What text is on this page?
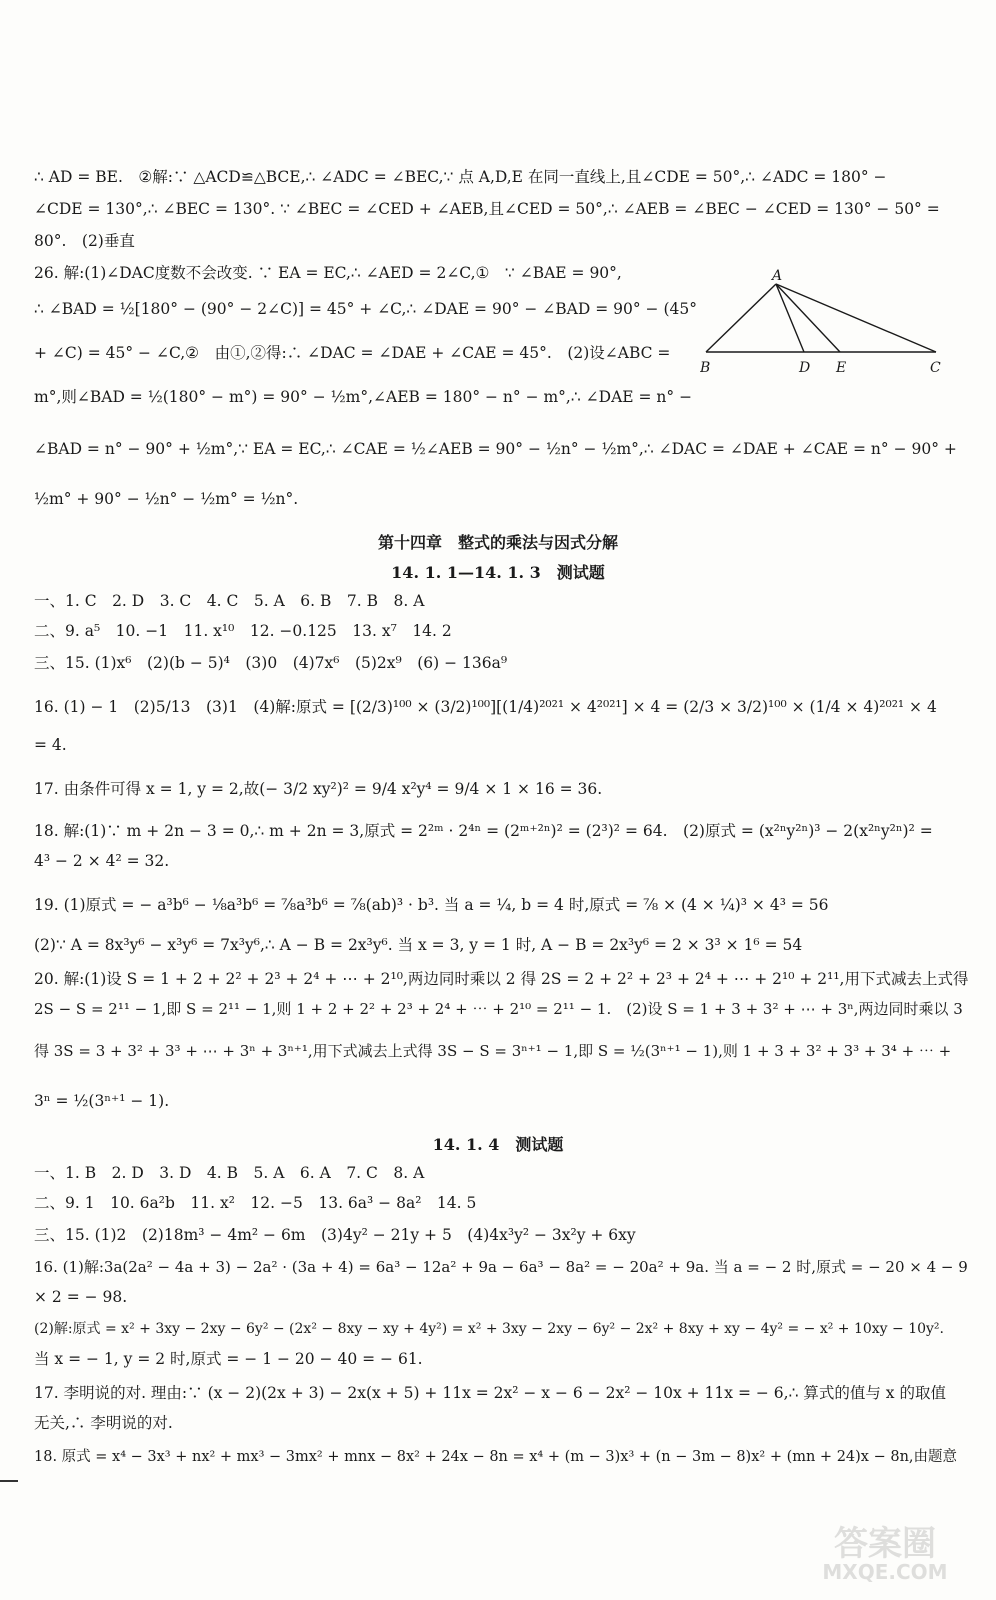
∴ AD = BE.　②解:∵ △ACD≌△BCE,∴ ∠ADC = ∠BEC,∵ 点 A,D,E 在同一直线上,且∠CDE = 50°,∴ ∠ADC = 180° −
∠CDE = 130°,∴ ∠BEC = 130°. ∵ ∠BEC = ∠CED + ∠AEB,且∠CED = 50°,∴ ∠AEB = ∠BEC − ∠CED = 130° − 50° =
80°.　(2)垂直
26. 解:(1)∠DAC度数不会改变. ∵ EA = EC,∴ ∠AED = 2∠C,①　∵ ∠BAE = 90°,
∴ ∠BAD = ½[180° − (90° − 2∠C)] = 45° + ∠C,∴ ∠DAE = 90° − ∠BAD = 90° − (45°
+ ∠C) = 45° − ∠C,②　由①,②得:∴ ∠DAC = ∠DAE + ∠CAE = 45°.　(2)设∠ABC =
m°,则∠BAD = ½(180° − m°) = 90° − ½m°,∠AEB = 180° − n° − m°,∴ ∠DAE = n° −
∠BAD = n° − 90° + ½m°,∵ EA = EC,∴ ∠CAE = ½∠AEB = 90° − ½n° − ½m°,∴ ∠DAC = ∠DAE + ∠CAE = n° − 90° +
½m° + 90° − ½n° − ½m° = ½n°.
第十四章　整式的乘法与因式分解
14. 1. 1—14. 1. 3　测试题
一、1. C　2. D　3. C　4. C　5. A　6. B　7. B　8. A
二、9. a⁵　10. −1　11. x¹⁰　12. −0.125　13. x⁷　14. 2
三、15. (1)x⁶　(2)(b − 5)⁴　(3)0　(4)7x⁶　(5)2x⁹　(6) − 136a⁹
16. (1) − 1　(2)5/13　(3)1　(4)解:原式 = [(2/3)¹⁰⁰ × (3/2)¹⁰⁰][(1/4)²⁰²¹ × 4²⁰²¹] × 4 = (2/3 × 3/2)¹⁰⁰ × (1/4 × 4)²⁰²¹ × 4
= 4.
17. 由条件可得 x = 1, y = 2,故(− 3/2 xy²)² = 9/4 x²y⁴ = 9/4 × 1 × 16 = 36.
18. 解:(1)∵ m + 2n − 3 = 0,∴ m + 2n = 3,原式 = 2²ᵐ · 2⁴ⁿ = (2ᵐ⁺²ⁿ)² = (2³)² = 64.　(2)原式 = (x²ⁿy²ⁿ)³ − 2(x²ⁿy²ⁿ)² =
4³ − 2 × 4² = 32.
19. (1)原式 = − a³b⁶ − ⅛a³b⁶ = ⅞a³b⁶ = ⅞(ab)³ · b³. 当 a = ¼, b = 4 时,原式 = ⅞ × (4 × ¼)³ × 4³ = 56
(2)∵ A = 8x³y⁶ − x³y⁶ = 7x³y⁶,∴ A − B = 2x³y⁶. 当 x = 3, y = 1 时, A − B = 2x³y⁶ = 2 × 3³ × 1⁶ = 54
20. 解:(1)设 S = 1 + 2 + 2² + 2³ + 2⁴ + ⋯ + 2¹⁰,两边同时乘以 2 得 2S = 2 + 2² + 2³ + 2⁴ + ⋯ + 2¹⁰ + 2¹¹,用下式减去上式得
2S − S = 2¹¹ − 1,即 S = 2¹¹ − 1,则 1 + 2 + 2² + 2³ + 2⁴ + ⋯ + 2¹⁰ = 2¹¹ − 1.　(2)设 S = 1 + 3 + 3² + ⋯ + 3ⁿ,两边同时乘以 3
得 3S = 3 + 3² + 3³ + ⋯ + 3ⁿ + 3ⁿ⁺¹,用下式减去上式得 3S − S = 3ⁿ⁺¹ − 1,即 S = ½(3ⁿ⁺¹ − 1),则 1 + 3 + 3² + 3³ + 3⁴ + ⋯ +
3ⁿ = ½(3ⁿ⁺¹ − 1).
14. 1. 4　测试题
一、1. B　2. D　3. D　4. B　5. A　6. A　7. C　8. A
二、9. 1　10. 6a²b　11. x²　12. −5　13. 6a³ − 8a²　14. 5
三、15. (1)2　(2)18m³ − 4m² − 6m　(3)4y² − 21y + 5　(4)4x³y² − 3x²y + 6xy
16. (1)解:3a(2a² − 4a + 3) − 2a² · (3a + 4) = 6a³ − 12a² + 9a − 6a³ − 8a² = − 20a² + 9a. 当 a = − 2 时,原式 = − 20 × 4 − 9
× 2 = − 98.
(2)解:原式 = x² + 3xy − 2xy − 6y² − (2x² − 8xy − xy + 4y²) = x² + 3xy − 2xy − 6y² − 2x² + 8xy + xy − 4y² = − x² + 10xy − 10y².
当 x = − 1, y = 2 时,原式 = − 1 − 20 − 40 = − 61.
17. 李明说的对. 理由:∵ (x − 2)(2x + 3) − 2x(x + 5) + 11x = 2x² − x − 6 − 2x² − 10x + 11x = − 6,∴ 算式的值与 x 的取值
无关,∴ 李明说的对.
18. 原式 = x⁴ − 3x³ + nx² + mx³ − 3mx² + mnx − 8x² + 24x − 8n = x⁴ + (m − 3)x³ + (n − 3m − 8)x² + (mn + 24)x − 8n,由题意
A
B	D E	C
答案圈
MXQE.COM
